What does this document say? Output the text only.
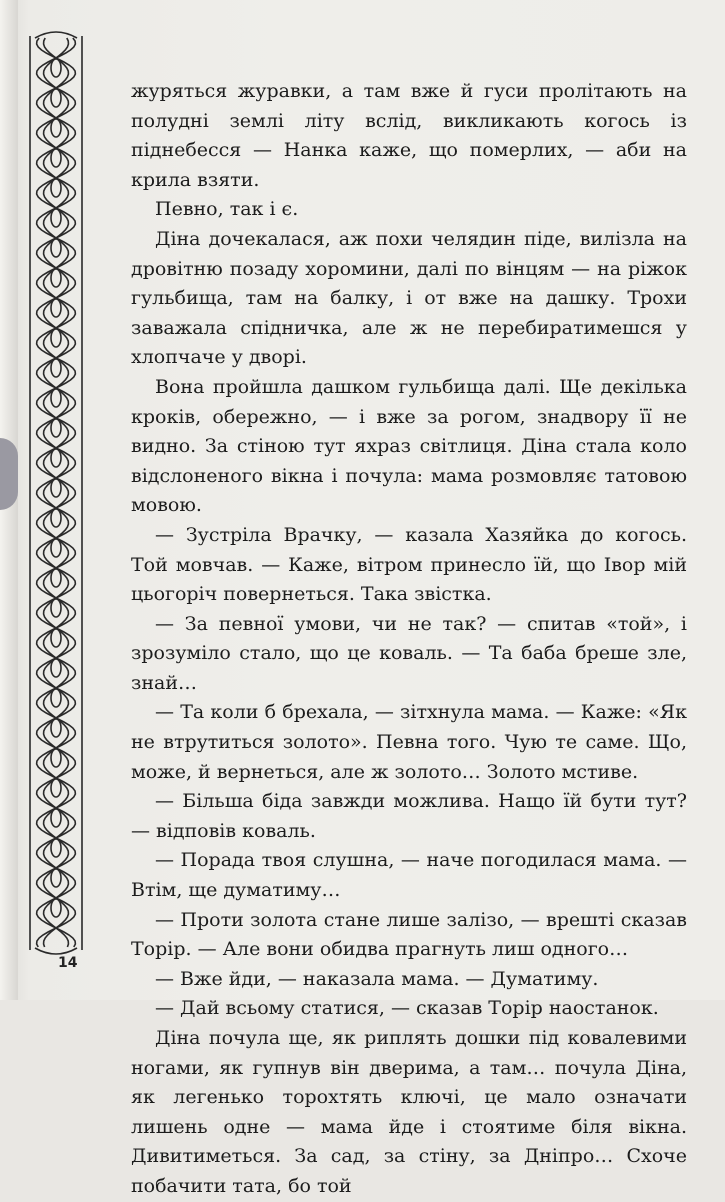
журяться журавки, а там вже й гуси пролітають на полудні землі літу вслід, викликають когось із піднебесся — Нанка каже, що померлих, — аби на крила взяти.

Певно, так і є.

Діна дочекалася, аж похи челядин піде, вилізла на дровітню позаду хоромини, далі по вінцям — на ріжок гульбища, там на балку, і от вже на дашку. Трохи заважала спідничка, але ж не перебиратимешся у хлопчаче у дворі.

Вона пройшла дашком гульбища далі. Ще декілька кроків, обережно, — і вже за рогом, знадвору її не видно. За стіною тут яхраз світлиця. Діна стала коло відслоненого вікна і почула: мама розмовляє татовою мовою.

— Зустріла Врачку, — казала Хазяйка до когось. Той мовчав. — Каже, вітром принесло їй, що Івор мій цьогоріч повернеться. Така звістка.

— За певної умови, чи не так? — спитав «той», і зрозуміло стало, що це коваль. — Та баба бреше зле, знай…

— Та коли б брехала, — зітхнула мама. — Каже: «Як не втрутиться золото». Певна того. Чую те саме. Що, може, й вернеться, але ж золото… Золото мстиве.

— Більша біда завжди можлива. Нащо їй бути тут? — відповів коваль.

— Порада твоя слушна, — наче погодилася мама. — Втім, ще думатиму…

— Проти золота стане лише залізо, — врешті сказав Торір. — Але вони обидва прагнуть лиш одного…

— Вже йди, — наказала мама. — Думатиму.

— Дай всьому статися, — сказав Торір наостанок.

Діна почула ще, як риплять дошки під ковалевими ногами, як гупнув він дверима, а там… почула Діна, як легенько торохтять ключі, це мало означати лишень одне — мама йде і стоятиме біля вікна. Дивитиметься. За сад, за стіну, за Дніпро… Схоче побачити тата, бо той

14
